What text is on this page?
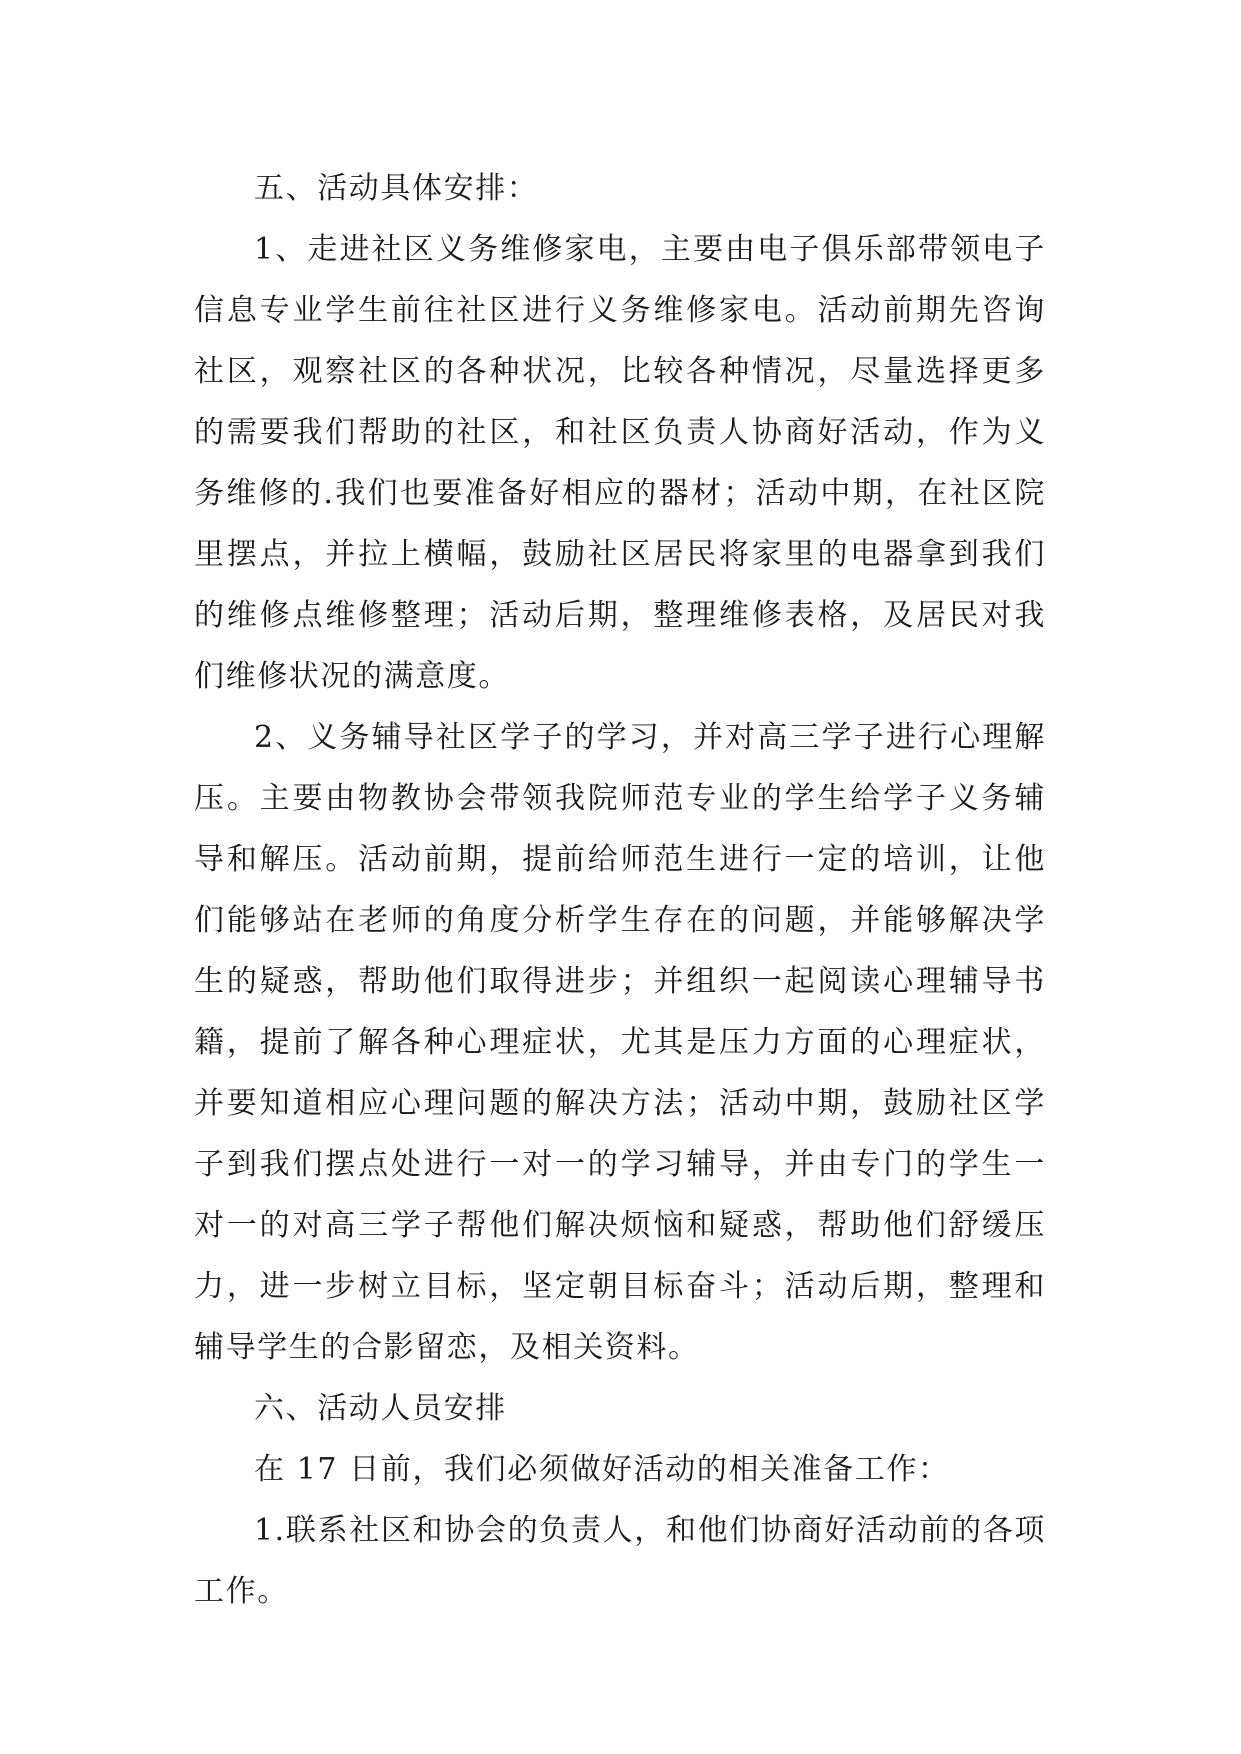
五、活动具体安排：

1、走进社区义务维修家电，主要由电子俱乐部带领电子信息专业学生前往社区进行义务维修家电。活动前期先咨询社区，观察社区的各种状况，比较各种情况，尽量选择更多的需要我们帮助的社区，和社区负责人协商好活动，作为义务维修的.我们也要准备好相应的器材；活动中期，在社区院里摆点，并拉上横幅，鼓励社区居民将家里的电器拿到我们的维修点维修整理；活动后期，整理维修表格，及居民对我们维修状况的满意度。

2、义务辅导社区学子的学习，并对高三学子进行心理解压。主要由物教协会带领我院师范专业的学生给学子义务辅导和解压。活动前期，提前给师范生进行一定的培训，让他们能够站在老师的角度分析学生存在的问题，并能够解决学生的疑惑，帮助他们取得进步；并组织一起阅读心理辅导书籍，提前了解各种心理症状，尤其是压力方面的心理症状，并要知道相应心理问题的解决方法；活动中期，鼓励社区学子到我们摆点处进行一对一的学习辅导，并由专门的学生一对一的对高三学子帮他们解决烦恼和疑惑，帮助他们舒缓压力，进一步树立目标，坚定朝目标奋斗；活动后期，整理和辅导学生的合影留恋，及相关资料。

六、活动人员安排

在 17 日前，我们必须做好活动的相关准备工作：

1.联系社区和协会的负责人，和他们协商好活动前的各项工作。
